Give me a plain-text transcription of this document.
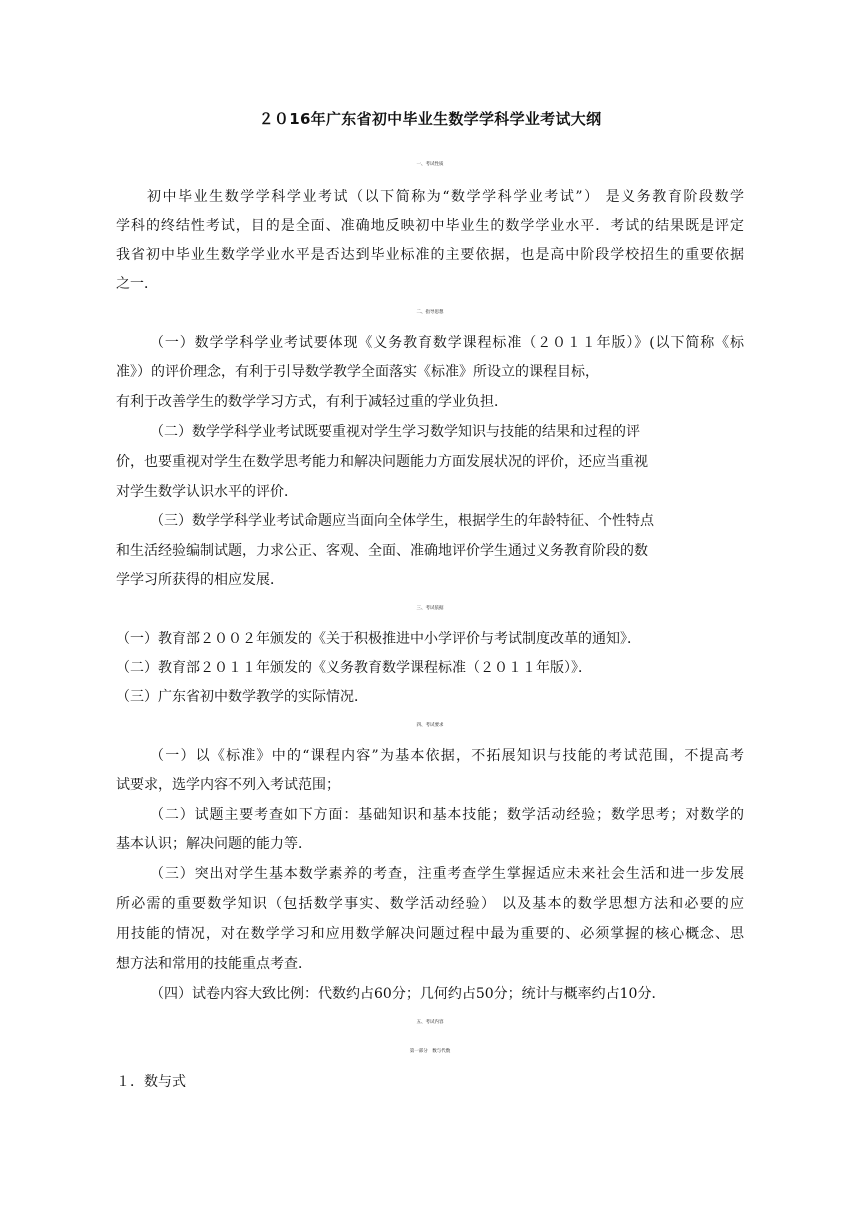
２０16年广东省初中毕业生数学学科学业考试大纲
一、考试性质
初中毕业生数学学科学业考试（以下简称为“数学学科学业考试”） 是义务教育阶段数学
学科的终结性考试，目的是全面、准确地反映初中毕业生的数学学业水平．考试的结果既是评定
我省初中毕业生数学学业水平是否达到毕业标准的主要依据，也是高中阶段学校招生的重要依据
之一．
二、指导思想
（一）数学学科学业考试要体现《义务教育数学课程标准（２０１１年版）》(以下简称《标
准》）的评价理念，有利于引导数学教学全面落实《标准》所设立的课程目标，
有利于改善学生的数学学习方式，有利于减轻过重的学业负担．
（二）数学学科学业考试既要重视对学生学习数学知识与技能的结果和过程的评
价，也要重视对学生在数学思考能力和解决问题能力方面发展状况的评价，还应当重视
对学生数学认识水平的评价．
（三）数学学科学业考试命题应当面向全体学生，根据学生的年龄特征、个性特点
和生活经验编制试题，力求公正、客观、全面、准确地评价学生通过义务教育阶段的数
学学习所获得的相应发展．
三、考试依据
（一）教育部２００２年颁发的《关于积极推进中小学评价与考试制度改革的通知》．
（二）教育部２０１１年颁发的《义务教育数学课程标准（２０１１年版）》．
（三）广东省初中数学教学的实际情况．
四、考试要求
（一）以《标准》中的“课程内容”为基本依据，不拓展知识与技能的考试范围，不提高考
试要求，选学内容不列入考试范围；
（二）试题主要考查如下方面：基础知识和基本技能；数学活动经验；数学思考；对数学的
基本认识；解决问题的能力等．
（三）突出对学生基本数学素养的考查，注重考查学生掌握适应未来社会生活和进一步发展
所必需的重要数学知识（包括数学事实、数学活动经验） 以及基本的数学思想方法和必要的应
用技能的情况，对在数学学习和应用数学解决问题过程中最为重要的、必须掌握的核心概念、思
想方法和常用的技能重点考查．
（四）试卷内容大致比例：代数约占60分；几何约占50分；统计与概率约占10分．
五、考试内容
第一部分　数与代数
１．数与式
